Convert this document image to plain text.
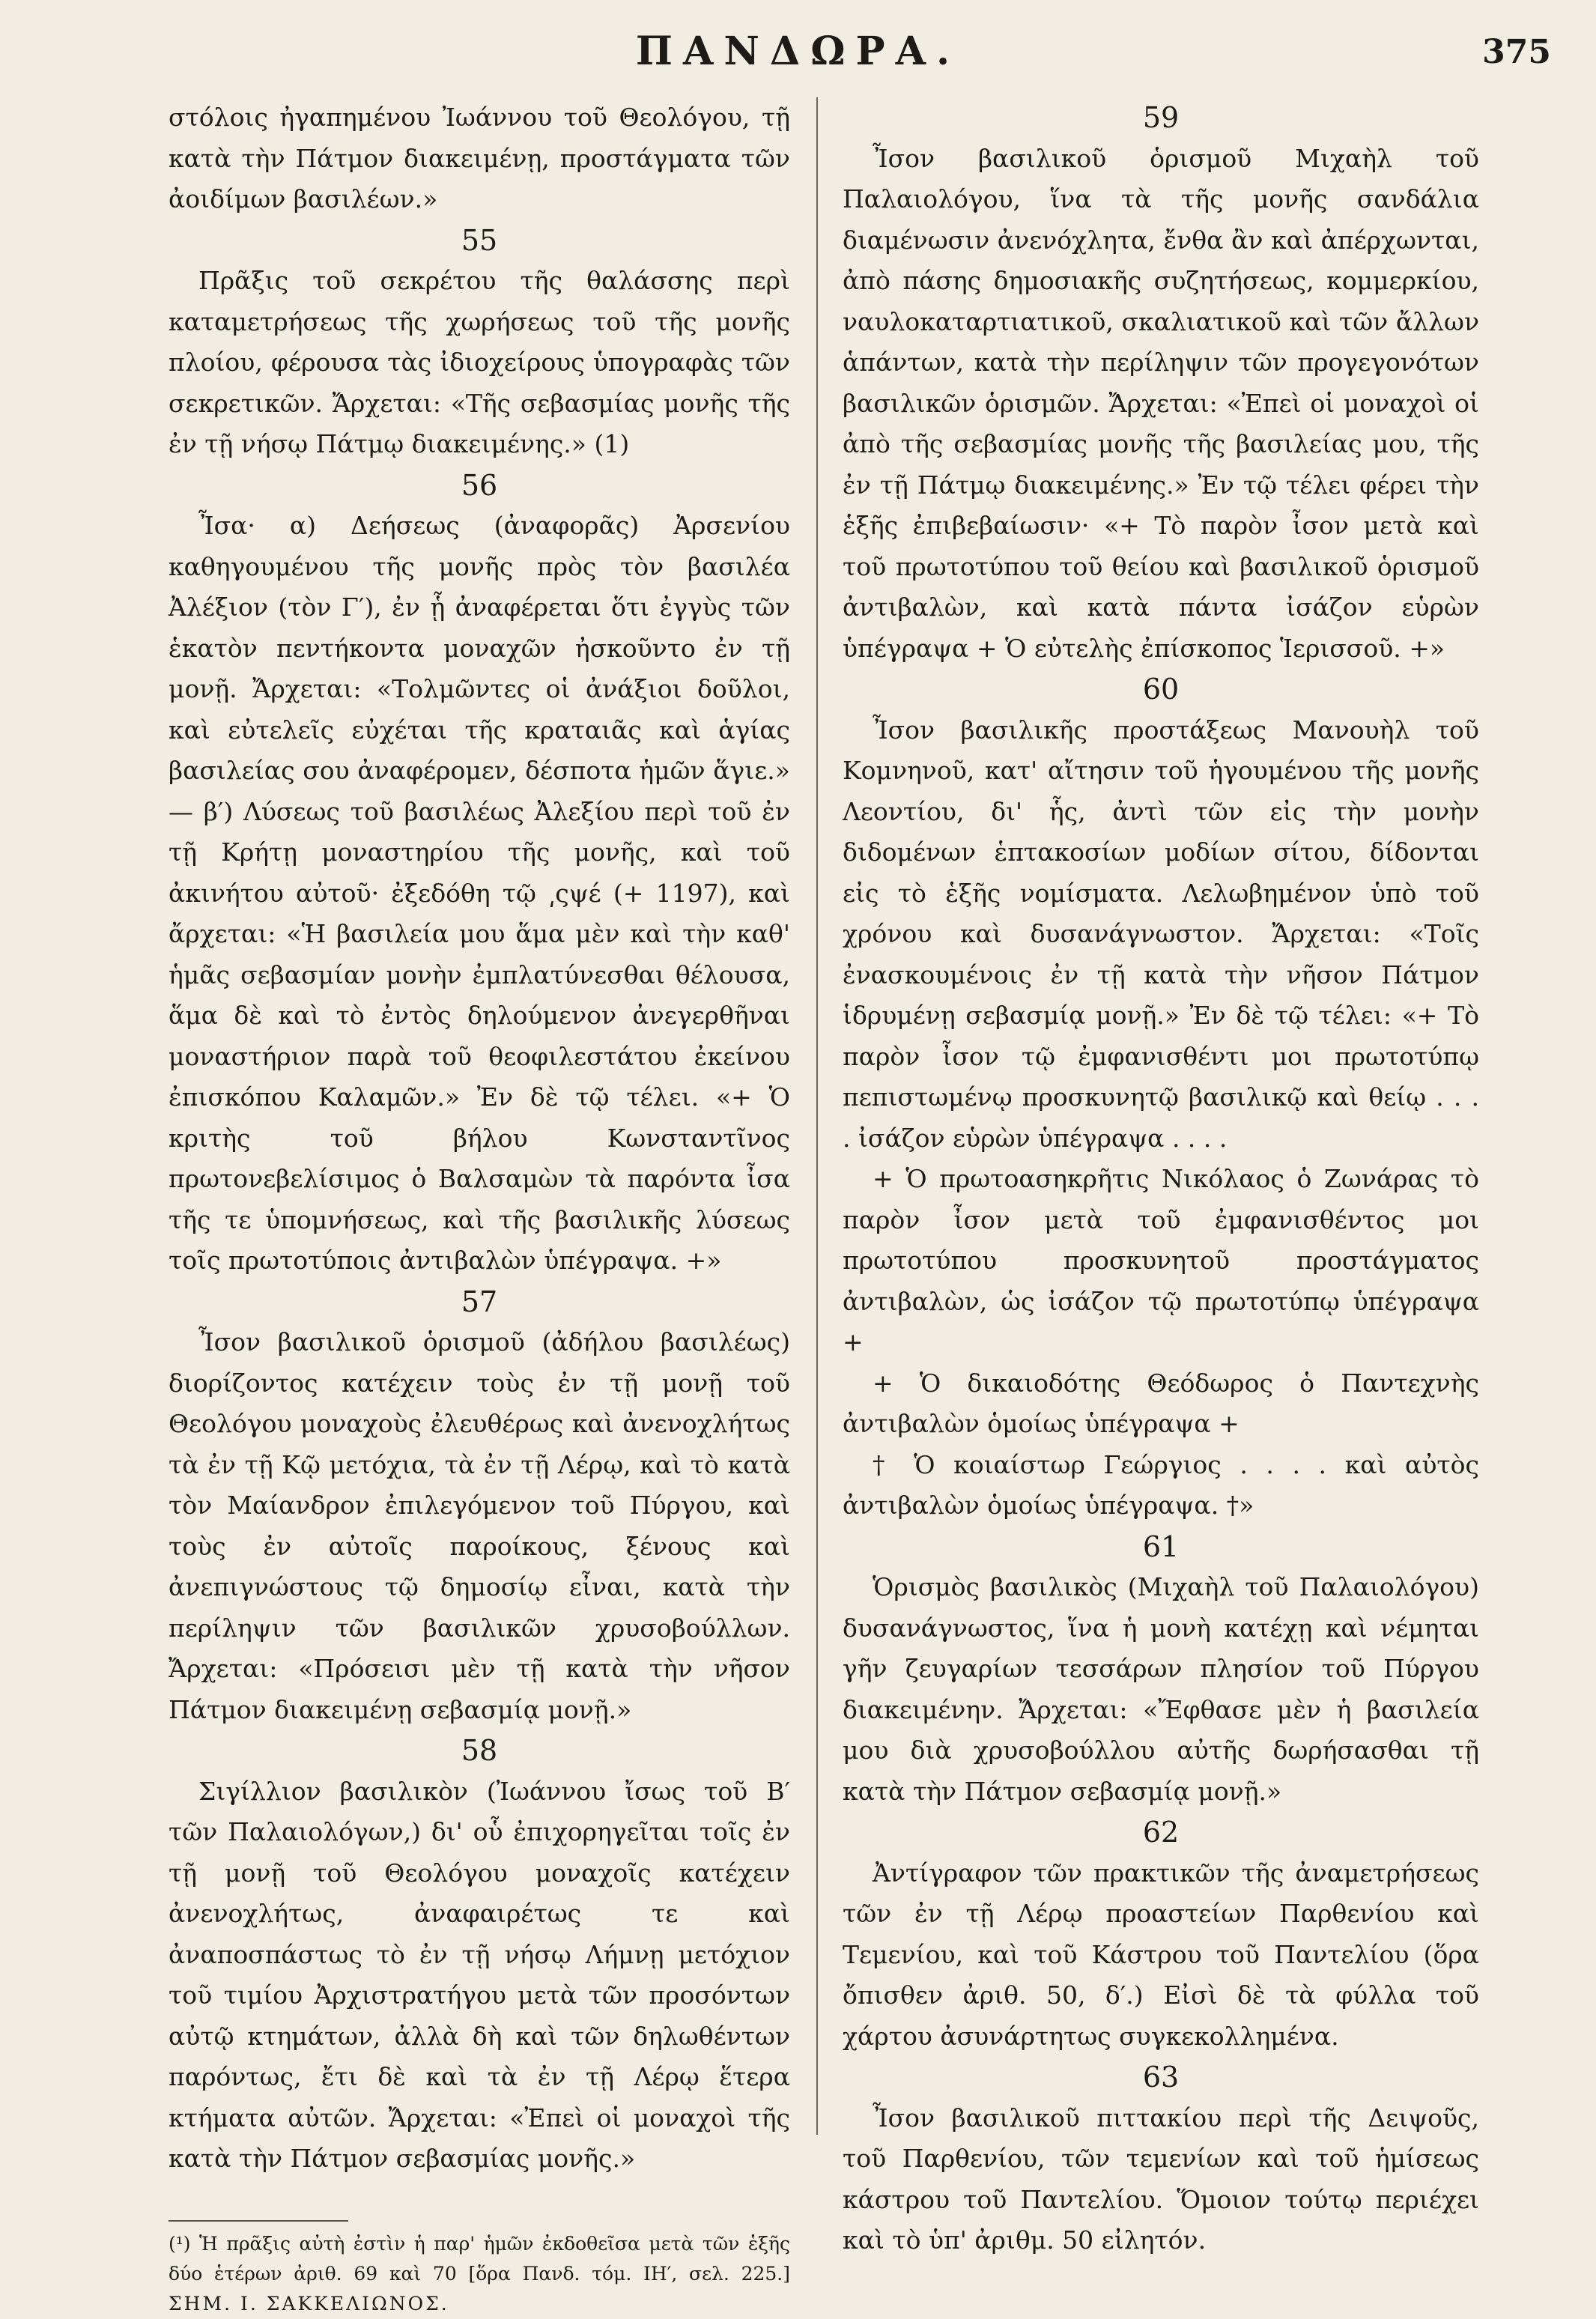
ΠΑΝΔΩΡΑ.	375

στόλοις ἠγαπημένου Ἰωάννου τοῦ Θεολόγου, τῇ κατὰ τὴν Πάτμον διακειμένῃ, προστάγματα τῶν ἀοιδίμων βασιλέων.»

55

Πρᾶξις τοῦ σεκρέτου τῆς θαλάσσης περὶ καταμετρήσεως τῆς χωρήσεως τοῦ τῆς μονῆς πλοίου, φέρουσα τὰς ἰδιοχείρους ὑπογραφὰς τῶν σεκρετικῶν. Ἄρχεται: «Τῆς σεβασμίας μονῆς τῆς ἐν τῇ νήσῳ Πάτμῳ διακειμένης.» (1)

56

Ἶσα· α) Δεήσεως (ἀναφορᾶς) Ἀρσενίου καθηγουμένου τῆς μονῆς πρὸς τὸν βασιλέα Ἀλέξιον (τὸν Γ′), ἐν ᾗ ἀναφέρεται ὅτι ἐγγὺς τῶν ἑκατὸν πεντήκοντα μοναχῶν ἠσκοῦντο ἐν τῇ μονῇ. Ἄρχεται: «Τολμῶντες οἱ ἀνάξιοι δοῦλοι, καὶ εὐτελεῖς εὐχέται τῆς κραταιᾶς καὶ ἁγίας βασιλείας σου ἀναφέρομεν, δέσποτα ἡμῶν ἅγιε.» — β′) Λύσεως τοῦ βασιλέως Ἀλεξίου περὶ τοῦ ἐν τῇ Κρήτῃ μοναστηρίου τῆς μονῆς, καὶ τοῦ ἀκινήτου αὐτοῦ· ἐξεδόθη τῷ ͵ςψέ (+ 1197), καὶ ἄρχεται: «Ἡ βασιλεία μου ἅμα μὲν καὶ τὴν καθ' ἡμᾶς σεβασμίαν μονὴν ἐμπλατύνεσθαι θέλουσα, ἅμα δὲ καὶ τὸ ἐντὸς δηλούμενον ἀνεγερθῆναι μοναστήριον παρὰ τοῦ θεοφιλεστάτου ἐκείνου ἐπισκόπου Καλαμῶν.» Ἐν δὲ τῷ τέλει. «+ Ὁ κριτὴς τοῦ βήλου Κωνσταντῖνος πρωτονεβελίσιμος ὁ Βαλσαμὼν τὰ παρόντα ἶσα τῆς τε ὑπομνήσεως, καὶ τῆς βασιλικῆς λύσεως τοῖς πρωτοτύποις ἀντιβαλὼν ὑπέγραψα. +»

57

Ἶσον βασιλικοῦ ὁρισμοῦ (ἀδήλου βασιλέως) διορίζοντος κατέχειν τοὺς ἐν τῇ μονῇ τοῦ Θεολόγου μοναχοὺς ἐλευθέρως καὶ ἀνενοχλήτως τὰ ἐν τῇ Κῷ μετόχια, τὰ ἐν τῇ Λέρῳ, καὶ τὸ κατὰ τὸν Μαίανδρον ἐπιλεγόμενον τοῦ Πύργου, καὶ τοὺς ἐν αὐτοῖς παροίκους, ξένους καὶ ἀνεπιγνώστους τῷ δημοσίῳ εἶναι, κατὰ τὴν περίληψιν τῶν βασιλικῶν χρυσοβούλλων. Ἄρχεται: «Πρόσεισι μὲν τῇ κατὰ τὴν νῆσον Πάτμον διακειμένῃ σεβασμίᾳ μονῇ.»

58

Σιγίλλιον βασιλικὸν (Ἰωάννου ἴσως τοῦ Β′ τῶν Παλαιολόγων,) δι' οὗ ἐπιχορηγεῖται τοῖς ἐν τῇ μονῇ τοῦ Θεολόγου μοναχοῖς κατέχειν ἀνενοχλήτως, ἀναφαιρέτως τε καὶ ἀναποσπάστως τὸ ἐν τῇ νήσῳ Λήμνῃ μετόχιον τοῦ τιμίου Ἀρχιστρατήγου μετὰ τῶν προσόντων αὐτῷ κτημάτων, ἀλλὰ δὴ καὶ τῶν δηλωθέντων παρόντως, ἔτι δὲ καὶ τὰ ἐν τῇ Λέρῳ ἕτερα κτήματα αὐτῶν. Ἄρχεται: «Ἐπεὶ οἱ μοναχοὶ τῆς κατὰ τὴν Πάτμον σεβασμίας μονῆς.»

(¹) Ἡ πρᾶξις αὐτὴ ἐστὶν ἡ παρ' ἡμῶν ἐκδοθεῖσα μετὰ τῶν ἑξῆς δύο ἑτέρων ἀριθ. 69 καὶ 70 [ὅρα Πανδ. τόμ. ΙΗ′, σελ. 225.] ΣΗΜ. Ι. ΣΑΚΚΕΛΙΩΝΟΣ.

59

Ἶσον βασιλικοῦ ὁρισμοῦ Μιχαὴλ τοῦ Παλαιολόγου, ἵνα τὰ τῆς μονῆς σανδάλια διαμένωσιν ἀνενόχλητα, ἔνθα ἂν καὶ ἀπέρχωνται, ἀπὸ πάσης δημοσιακῆς συζητήσεως, κομμερκίου, ναυλοκαταρτιατικοῦ, σκαλιατικοῦ καὶ τῶν ἄλλων ἁπάντων, κατὰ τὴν περίληψιν τῶν προγεγονότων βασιλικῶν ὁρισμῶν. Ἄρχεται: «Ἐπεὶ οἱ μοναχοὶ οἱ ἀπὸ τῆς σεβασμίας μονῆς τῆς βασιλείας μου, τῆς ἐν τῇ Πάτμῳ διακειμένης.» Ἐν τῷ τέλει φέρει τὴν ἑξῆς ἐπιβεβαίωσιν· «+ Τὸ παρὸν ἶσον μετὰ καὶ τοῦ πρωτοτύπου τοῦ θείου καὶ βασιλικοῦ ὁρισμοῦ ἀντιβαλὼν, καὶ κατὰ πάντα ἰσάζον εὑρὼν ὑπέγραψα + Ὁ εὐτελὴς ἐπίσκοπος Ἱερισσοῦ. +»

60

Ἶσον βασιλικῆς προστάξεως Μανουὴλ τοῦ Κομνηνοῦ, κατ' αἴτησιν τοῦ ἡγουμένου τῆς μονῆς Λεοντίου, δι' ἧς, ἀντὶ τῶν εἰς τὴν μονὴν διδομένων ἑπτακοσίων μοδίων σίτου, δίδονται εἰς τὸ ἑξῆς νομίσματα. Λελωβημένον ὑπὸ τοῦ χρόνου καὶ δυσανάγνωστον. Ἄρχεται: «Τοῖς ἐνασκουμένοις ἐν τῇ κατὰ τὴν νῆσον Πάτμον ἱδρυμένῃ σεβασμίᾳ μονῇ.» Ἐν δὲ τῷ τέλει: «+ Τὸ παρὸν ἶσον τῷ ἐμφανισθέντι μοι πρωτοτύπῳ πεπιστωμένῳ προσκυνητῷ βασιλικῷ καὶ θείῳ . . . . ἰσάζον εὑρὼν ὑπέγραψα . . . .

+ Ὁ πρωτοασηκρῆτις Νικόλαος ὁ Ζωνάρας τὸ παρὸν ἶσον μετὰ τοῦ ἐμφανισθέντος μοι πρωτοτύπου προσκυνητοῦ προστάγματος ἀντιβαλὼν, ὡς ἰσάζον τῷ πρωτοτύπῳ ὑπέγραψα +

+ Ὁ δικαιοδότης Θεόδωρος ὁ Παντεχνὴς ἀντιβαλὼν ὁμοίως ὑπέγραψα +

† Ὁ κοιαίστωρ Γεώργιος . . . . καὶ αὐτὸς ἀντιβαλὼν ὁμοίως ὑπέγραψα. †»

61

Ὁρισμὸς βασιλικὸς (Μιχαὴλ τοῦ Παλαιολόγου) δυσανάγνωστος, ἵνα ἡ μονὴ κατέχῃ καὶ νέμηται γῆν ζευγαρίων τεσσάρων πλησίον τοῦ Πύργου διακειμένην. Ἄρχεται: «Ἔφθασε μὲν ἡ βασιλεία μου διὰ χρυσοβούλλου αὐτῆς δωρήσασθαι τῇ κατὰ τὴν Πάτμον σεβασμίᾳ μονῇ.»

62

Ἀντίγραφον τῶν πρακτικῶν τῆς ἀναμετρήσεως τῶν ἐν τῇ Λέρῳ προαστείων Παρθενίου καὶ Τεμενίου, καὶ τοῦ Κάστρου τοῦ Παντελίου (ὅρα ὄπισθεν ἀριθ. 50, δ′.) Εἰσὶ δὲ τὰ φύλλα τοῦ χάρτου ἀσυνάρτητως συγκεκολλημένα.

63

Ἶσον βασιλικοῦ πιττακίου περὶ τῆς Δειψοῦς, τοῦ Παρθενίου, τῶν τεμενίων καὶ τοῦ ἡμίσεως κάστρου τοῦ Παντελίου. Ὅμοιον τούτῳ περιέχει καὶ τὸ ὑπ' ἀριθμ. 50 εἰλητόν.
